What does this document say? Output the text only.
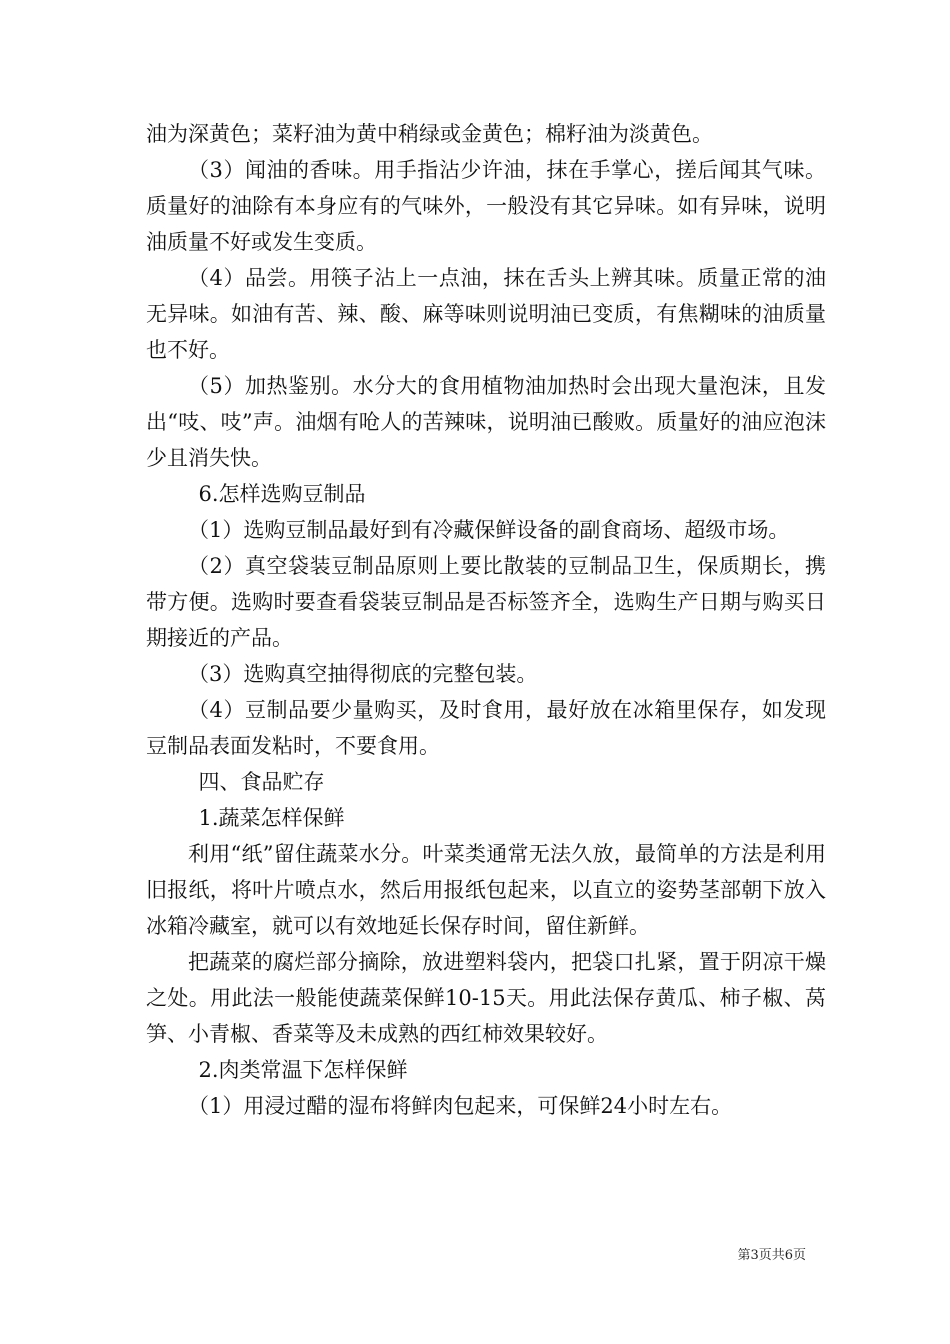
油为深黄色；菜籽油为黄中稍绿或金黄色；棉籽油为淡黄色。

（3）闻油的香味。用手指沾少许油，抹在手掌心，搓后闻其气味。质量好的油除有本身应有的气味外，一般没有其它异味。如有异味，说明油质量不好或发生变质。

（4）品尝。用筷子沾上一点油，抹在舌头上辨其味。质量正常的油无异味。如油有苦、辣、酸、麻等味则说明油已变质，有焦糊味的油质量也不好。

（5）加热鉴别。水分大的食用植物油加热时会出现大量泡沫，且发出“吱、吱”声。油烟有呛人的苦辣味，说明油已酸败。质量好的油应泡沫少且消失快。

6.怎样选购豆制品

（1）选购豆制品最好到有冷藏保鲜设备的副食商场、超级市场。

（2）真空袋装豆制品原则上要比散装的豆制品卫生，保质期长，携带方便。选购时要查看袋装豆制品是否标签齐全，选购生产日期与购买日期接近的产品。

（3）选购真空抽得彻底的完整包装。

（4）豆制品要少量购买，及时食用，最好放在冰箱里保存，如发现豆制品表面发粘时，不要食用。

四、食品贮存

1.蔬菜怎样保鲜

利用“纸”留住蔬菜水分。叶菜类通常无法久放，最简单的方法是利用旧报纸，将叶片喷点水，然后用报纸包起来，以直立的姿势茎部朝下放入冰箱冷藏室，就可以有效地延长保存时间，留住新鲜。

把蔬菜的腐烂部分摘除，放进塑料袋内，把袋口扎紧，置于阴凉干燥之处。用此法一般能使蔬菜保鲜10-15天。用此法保存黄瓜、柿子椒、莴笋、小青椒、香菜等及未成熟的西红柿效果较好。

2.肉类常温下怎样保鲜

（1）用浸过醋的湿布将鲜肉包起来，可保鲜24小时左右。

第3页共6页
